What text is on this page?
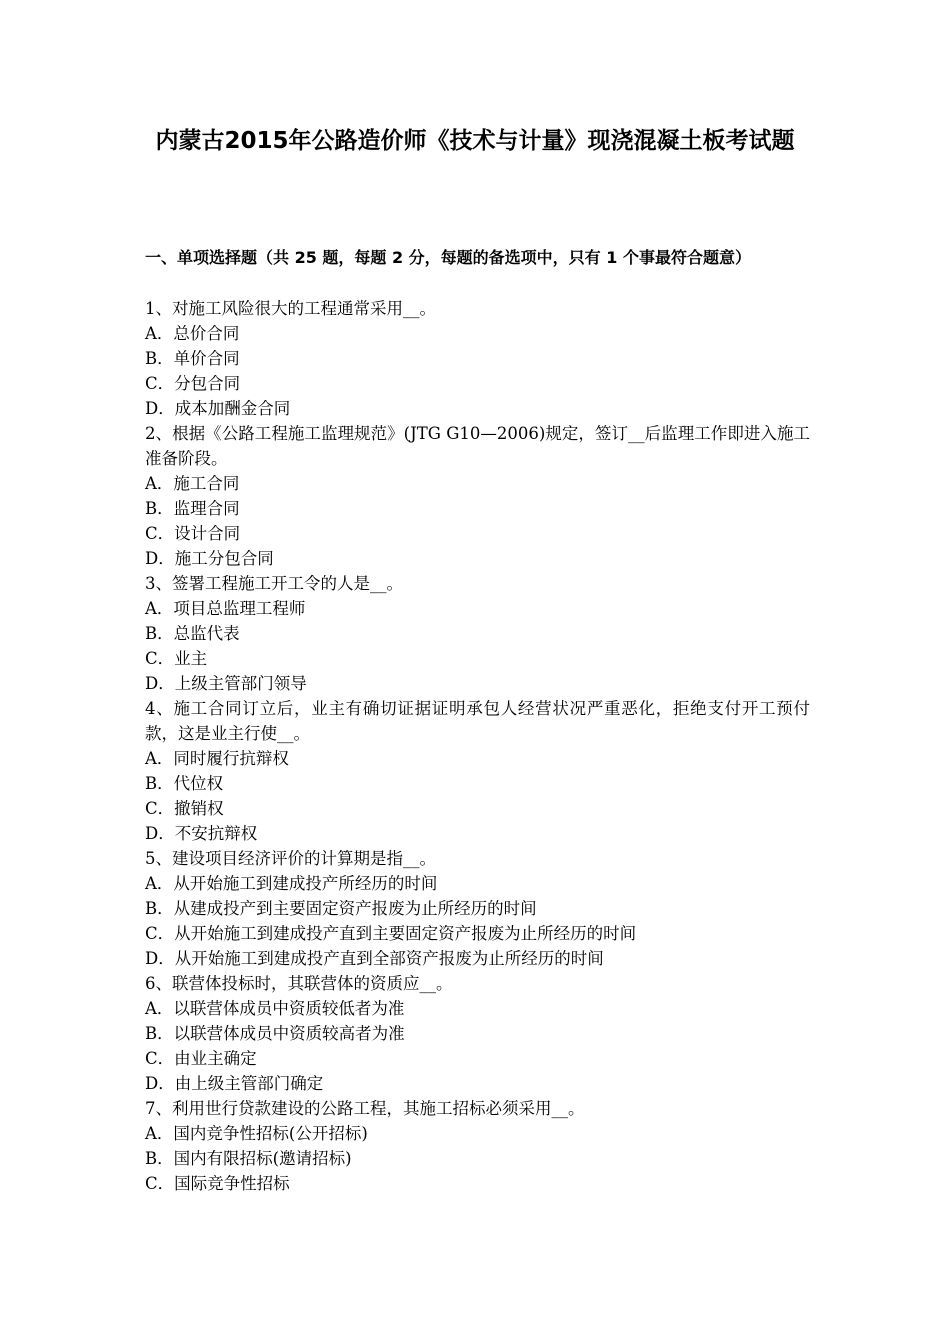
内蒙古2015年公路造价师《技术与计量》现浇混凝土板考试题
一、单项选择题（共 25 题，每题 2 分，每题的备选项中，只有 1 个事最符合题意）

1、对施工风险很大的工程通常采用__。

A．总价合同

B．单价合同

C．分包合同

D．成本加酬金合同

2、根据《公路工程施工监理规范》(JTG G10—2006)规定，签订__后监理工作即进入施工准备阶段。

A．施工合同

B．监理合同

C．设计合同

D．施工分包合同

3、签署工程施工开工令的人是__。

A．项目总监理工程师

B．总监代表

C．业主

D．上级主管部门领导

4、施工合同订立后，业主有确切证据证明承包人经营状况严重恶化，拒绝支付开工预付款，这是业主行使__。

A．同时履行抗辩权

B．代位权

C．撤销权

D．不安抗辩权

5、建设项目经济评价的计算期是指__。

A．从开始施工到建成投产所经历的时间

B．从建成投产到主要固定资产报废为止所经历的时间

C．从开始施工到建成投产直到主要固定资产报废为止所经历的时间

D．从开始施工到建成投产直到全部资产报废为止所经历的时间

6、联营体投标时，其联营体的资质应__。

A．以联营体成员中资质较低者为准

B．以联营体成员中资质较高者为准

C．由业主确定

D．由上级主管部门确定

7、利用世行贷款建设的公路工程，其施工招标必须采用__。

A．国内竞争性招标(公开招标)

B．国内有限招标(邀请招标)

C．国际竞争性招标
